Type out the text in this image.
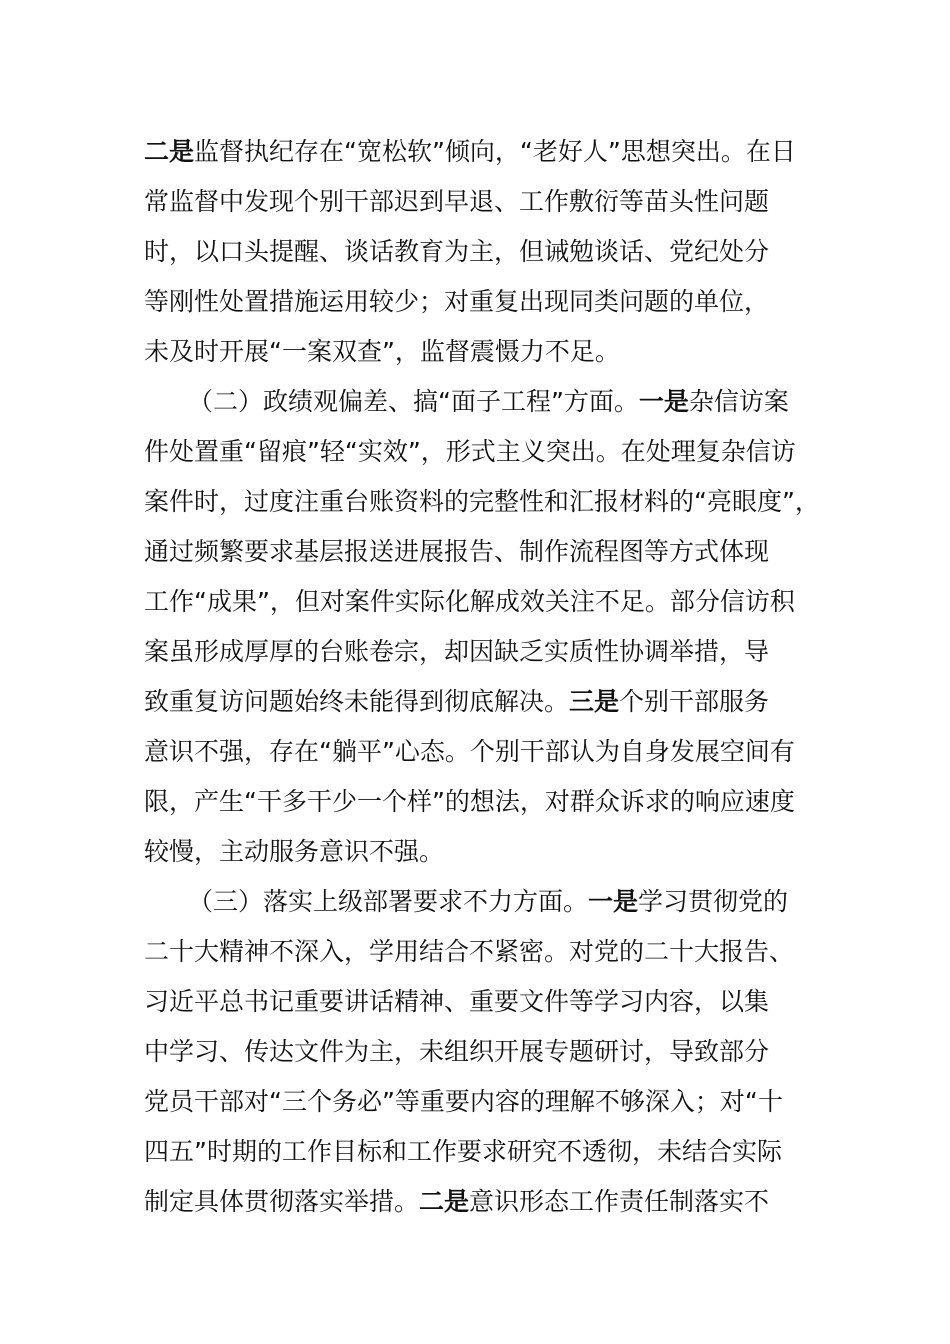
二是监督执纪存在“宽松软”倾向，“老好人”思想突出。在日
常监督中发现个别干部迟到早退、工作敷衍等苗头性问题
时，以口头提醒、谈话教育为主，但诫勉谈话、党纪处分
等刚性处置措施运用较少；对重复出现同类问题的单位，
未及时开展“一案双查”，监督震慑力不足。
（二）政绩观偏差、搞“面子工程”方面。一是杂信访案
件处置重“留痕”轻“实效”，形式主义突出。在处理复杂信访
案件时，过度注重台账资料的完整性和汇报材料的“亮眼度”，
通过频繁要求基层报送进展报告、制作流程图等方式体现
工作“成果”，但对案件实际化解成效关注不足。部分信访积
案虽形成厚厚的台账卷宗，却因缺乏实质性协调举措，导
致重复访问题始终未能得到彻底解决。三是个别干部服务
意识不强，存在“躺平”心态。个别干部认为自身发展空间有
限，产生“干多干少一个样”的想法，对群众诉求的响应速度
较慢，主动服务意识不强。
（三）落实上级部署要求不力方面。一是学习贯彻党的
二十大精神不深入，学用结合不紧密。对党的二十大报告、
习近平总书记重要讲话精神、重要文件等学习内容，以集
中学习、传达文件为主，未组织开展专题研讨，导致部分
党员干部对“三个务必”等重要内容的理解不够深入；对“十
四五”时期的工作目标和工作要求研究不透彻，未结合实际
制定具体贯彻落实举措。二是意识形态工作责任制落实不
